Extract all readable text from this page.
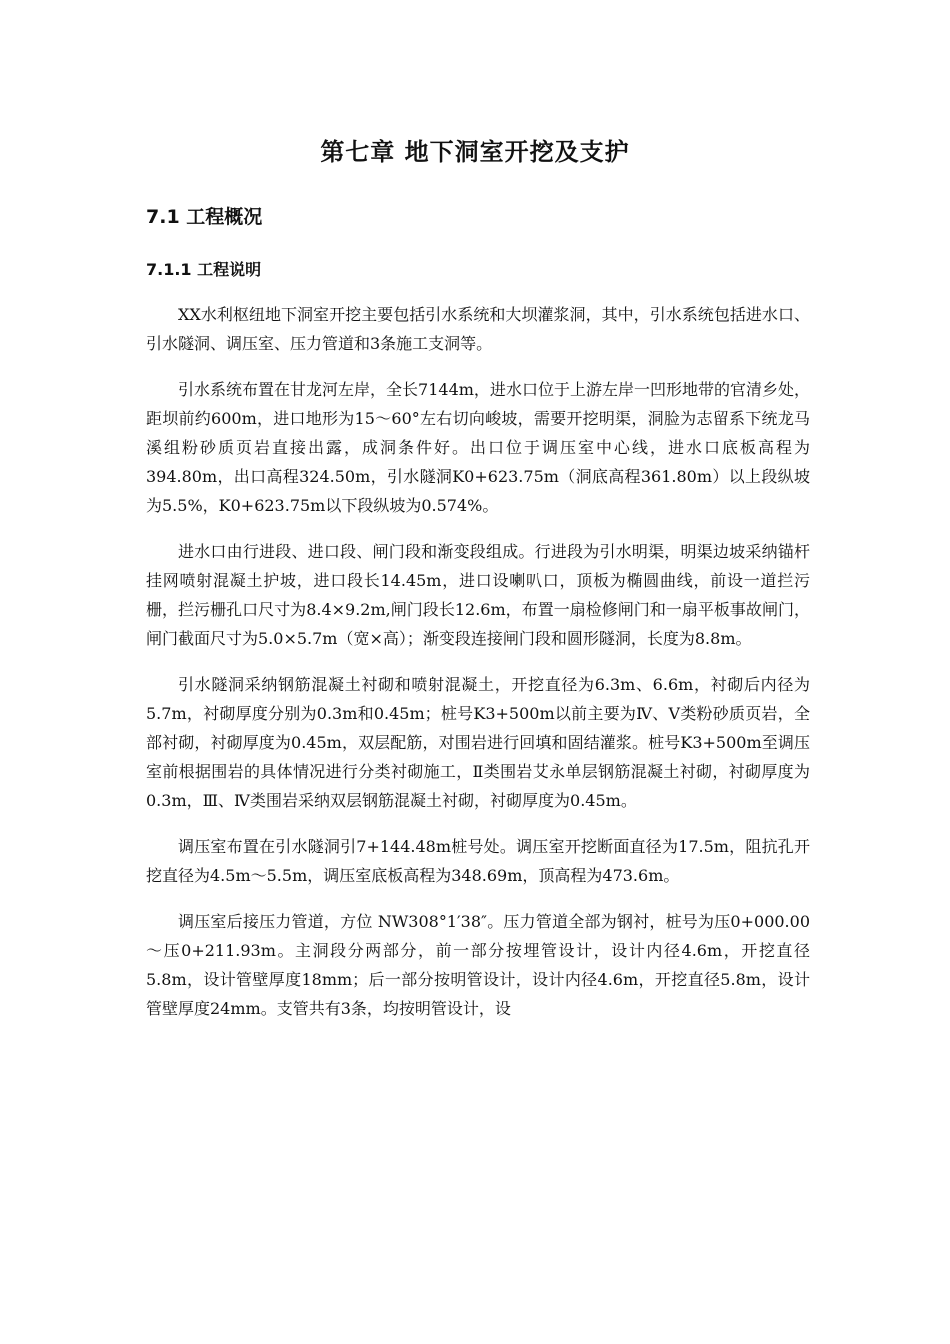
第七章 地下洞室开挖及支护
7.1 工程概况
7.1.1 工程说明

XX水利枢纽地下洞室开挖主要包括引水系统和大坝灌浆洞，其中，引水系统包括进水口、引水隧洞、调压室、压力管道和3条施工支洞等。

引水系统布置在甘龙河左岸，全长7144m，进水口位于上游左岸一凹形地带的官清乡处，距坝前约600m，进口地形为15～60°左右切向峻坡，需要开挖明渠，洞脸为志留系下统龙马溪组粉砂质页岩直接出露，成洞条件好。出口位于调压室中心线，进水口底板高程为394.80m，出口高程324.50m，引水隧洞K0+623.75m（洞底高程361.80m）以上段纵坡为5.5%，K0+623.75m以下段纵坡为0.574%。

进水口由行进段、进口段、闸门段和渐变段组成。行进段为引水明渠，明渠边坡采纳锚杆挂网喷射混凝土护坡，进口段长14.45m，进口设喇叭口，顶板为椭圆曲线，前设一道拦污栅，拦污栅孔口尺寸为8.4×9.2m,闸门段长12.6m，布置一扇检修闸门和一扇平板事故闸门，闸门截面尺寸为5.0×5.7m（宽×高）；渐变段连接闸门段和圆形隧洞，长度为8.8m。

引水隧洞采纳钢筋混凝土衬砌和喷射混凝土，开挖直径为6.3m、6.6m，衬砌后内径为5.7m，衬砌厚度分别为0.3m和0.45m；桩号K3+500m以前主要为Ⅳ、Ⅴ类粉砂质页岩，全部衬砌，衬砌厚度为0.45m，双层配筋，对围岩进行回填和固结灌浆。桩号K3+500m至调压室前根据围岩的具体情况进行分类衬砌施工，Ⅱ类围岩艾永单层钢筋混凝土衬砌，衬砌厚度为0.3m，Ⅲ、Ⅳ类围岩采纳双层钢筋混凝土衬砌，衬砌厚度为0.45m。

调压室布置在引水隧洞引7+144.48m桩号处。调压室开挖断面直径为17.5m，阻抗孔开挖直径为4.5m～5.5m，调压室底板高程为348.69m，顶高程为473.6m。

调压室后接压力管道，方位 NW308°1′38″。压力管道全部为钢衬，桩号为压0+000.00～压0+211.93m。主洞段分两部分，前一部分按埋管设计，设计内径4.6m，开挖直径5.8m，设计管壁厚度18mm；后一部分按明管设计，设计内径4.6m，开挖直径5.8m，设计管壁厚度24mm。支管共有3条，均按明管设计，设
